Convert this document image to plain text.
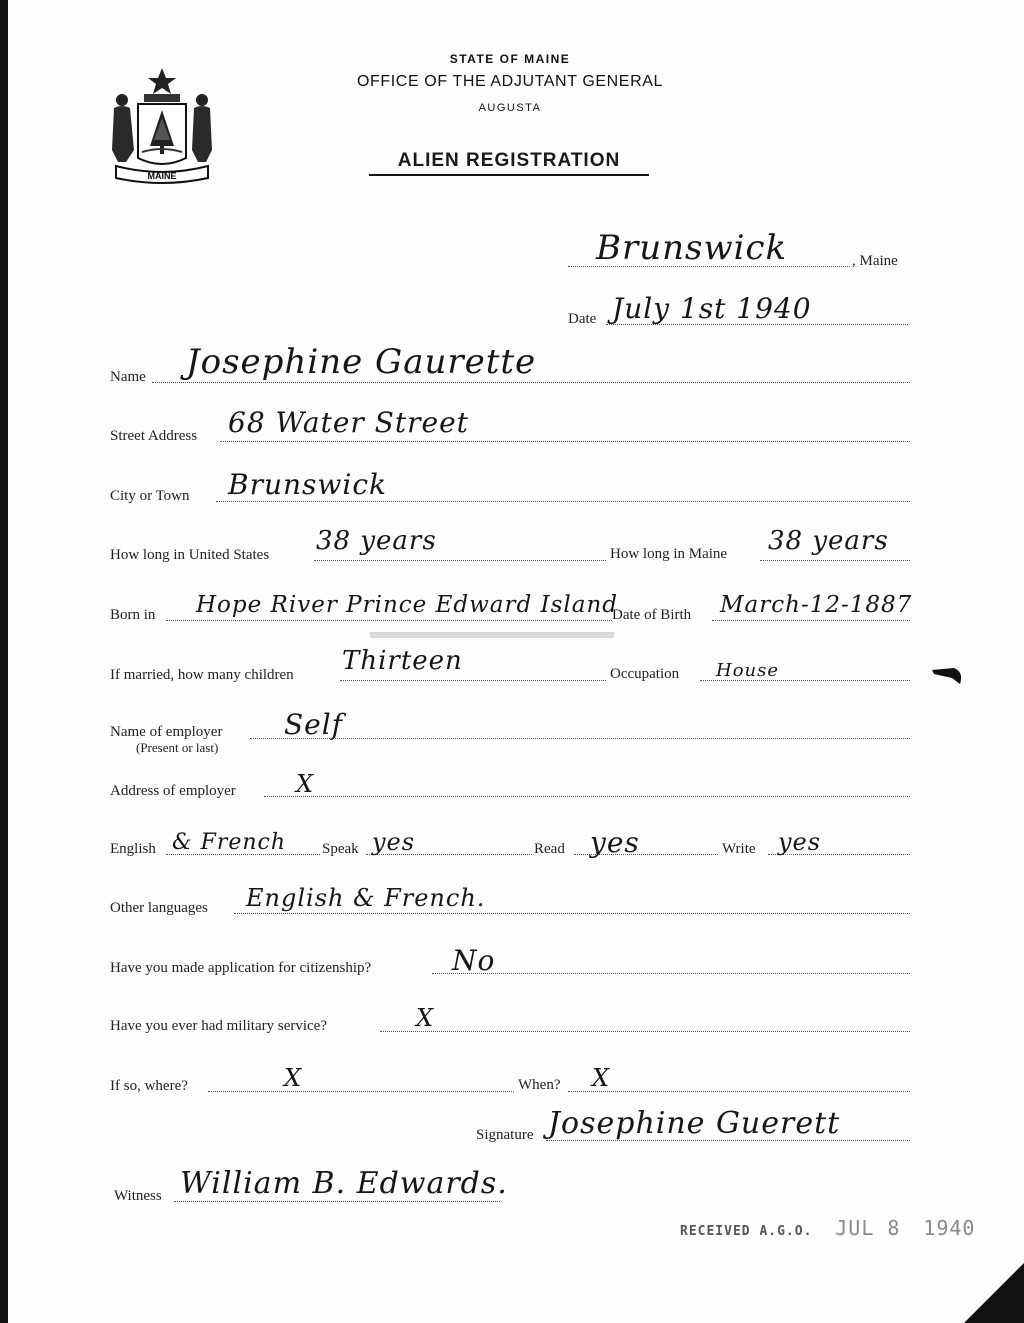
MAINE
STATE OF MAINE
OFFICE OF THE ADJUTANT GENERAL
AUGUSTA
ALIEN REGISTRATION
Brunswick	, Maine
Date July 1st 1940
Name Josephine Gaurette
Street Address 68 Water Street
City or Town Brunswick
How long in United States 38 years	How long in Maine 38 years
Born in Hope River Prince Edward Island
Date of Birth March-12-1887
If married, how many children Thirteen	Occupation House
Name of employer
(Present or last)
Self
Address of employer	X
English & French Speak yes	Read yes	Write yes
Other languages English & French.
Have you made application for citizenship?	No
Have you ever had military service?	X
If so, where?	X	When? X
Signature Josephine Guerett
Witness William B. Edwards.
RECEIVED A.G.O. JUL 8 1940
